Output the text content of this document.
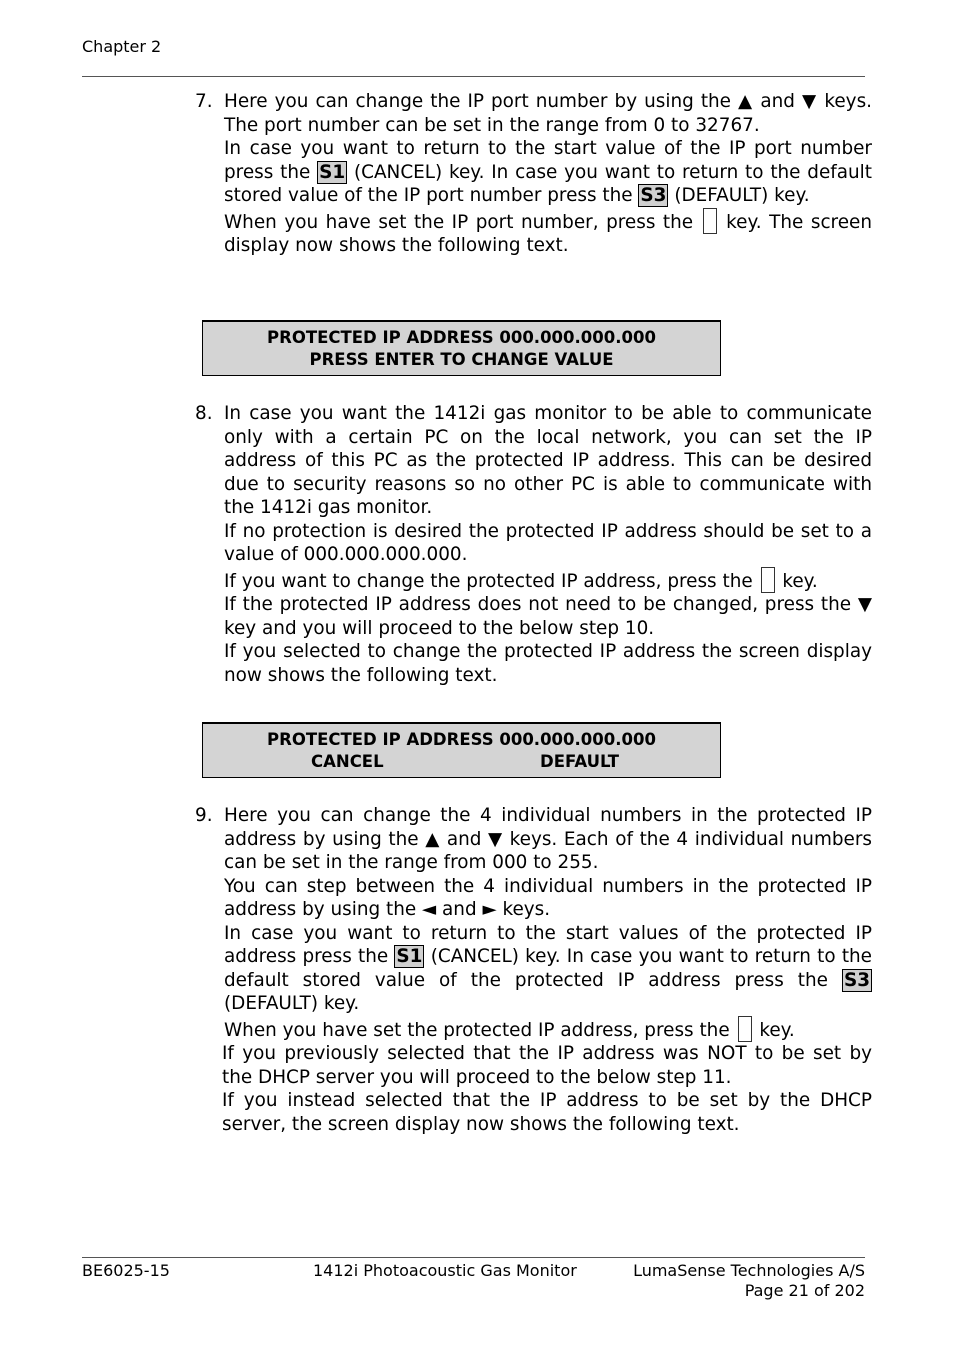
Chapter 2
7. Here you can change the IP port number by using the ▲ and ▼ keys. The port number can be set in the range from 0 to 32767.

In case you want to return to the start value of the IP port number press the S1 (CANCEL) key. In case you want to return to the default stored value of the IP port number press the S3 (DEFAULT) key.

When you have set the IP port number, press the  key. The screen display now shows the following text.

PROTECTED IP ADDRESS 000.000.000.000
PRESS ENTER TO CHANGE VALUE
8. In case you want the 1412i gas monitor to be able to communicate only with a certain PC on the local network, you can set the IP address of this PC as the protected IP address. This can be desired due to security reasons so no other PC is able to communicate with the 1412i gas monitor.

If no protection is desired the protected IP address should be set to a value of 000.000.000.000.

If you want to change the protected IP address, press the  key.

If the protected IP address does not need to be changed, press the ▼ key and you will proceed to the below step 10.

If you selected to change the protected IP address the screen display now shows the following text.

PROTECTED IP ADDRESS 000.000.000.000
CANCEL	DEFAULT
9. Here you can change the 4 individual numbers in the protected IP address by using the ▲ and ▼ keys. Each of the 4 individual numbers can be set in the range from 000 to 255.

You can step between the 4 individual numbers in the protected IP address by using the ◄ and ► keys.

In case you want to return to the start values of the protected IP address press the S1 (CANCEL) key. In case you want to return to the default stored value of the protected IP address press the S3 (DEFAULT) key.

When you have set the protected IP address, press the  key.

If you previously selected that the IP address was NOT to be set by the DHCP server you will proceed to the below step 11.

If you instead selected that the IP address to be set by the DHCP server, the screen display now shows the following text.

BE6025-15	1412i Photoacoustic Gas Monitor	LumaSense Technologies A/S
Page 21 of 202
